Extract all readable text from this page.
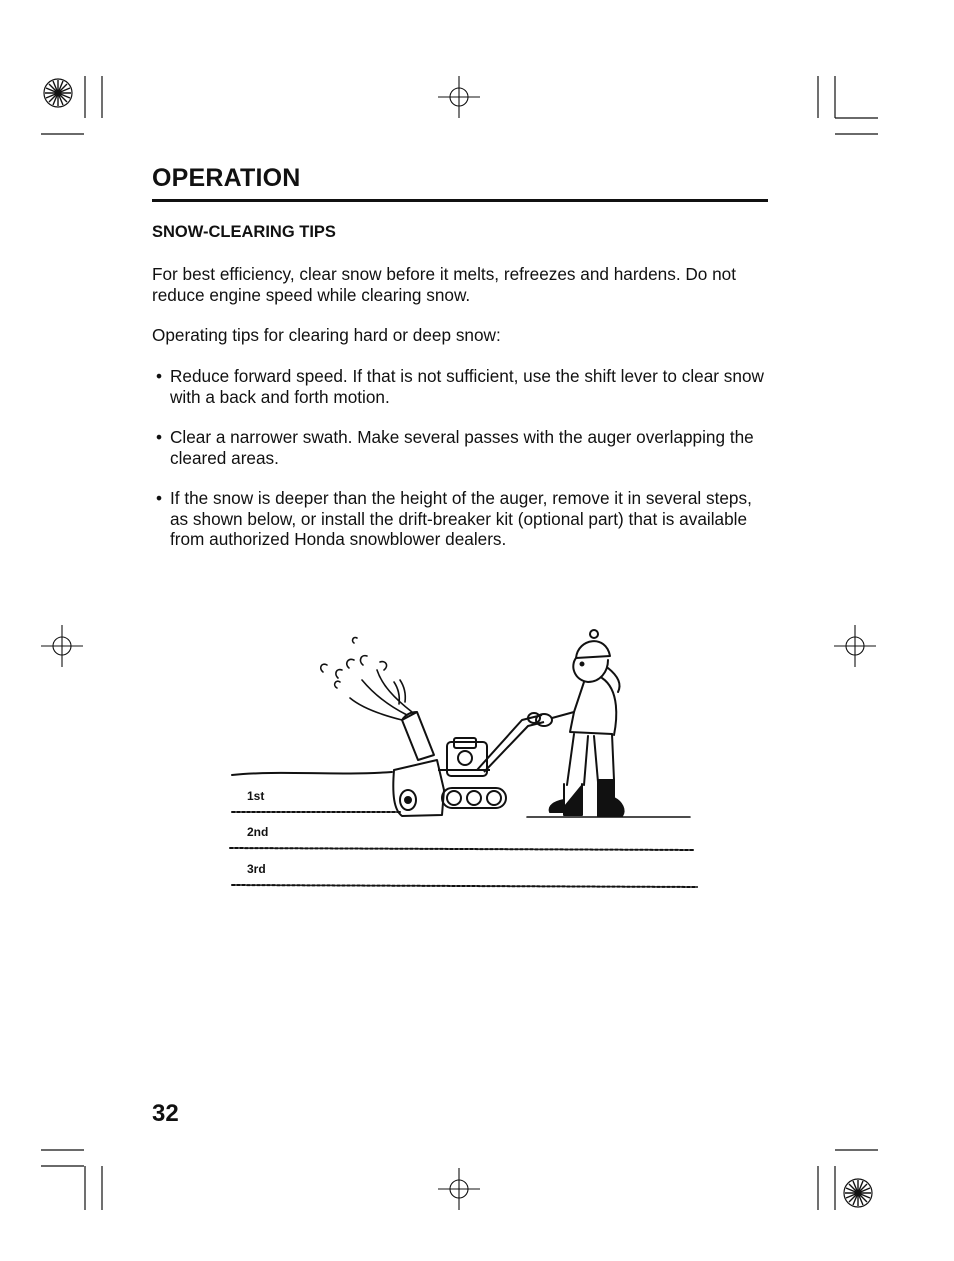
OPERATION
SNOW-CLEARING TIPS

For best efficiency, clear snow before it melts, refreezes and hardens. Do not reduce engine speed while clearing snow.

Operating tips for clearing hard or deep snow:

• Reduce forward speed. If that is not sufficient, use the shift lever to clear snow with a back and forth motion.
• Clear a narrower swath. Make several passes with the auger overlapping the cleared areas.
• If the snow is deeper than the height of the auger, remove it in several steps, as shown below, or install the drift-breaker kit (optional part) that is available from authorized Honda snowblower dealers.
1st
2nd
3rd
32
